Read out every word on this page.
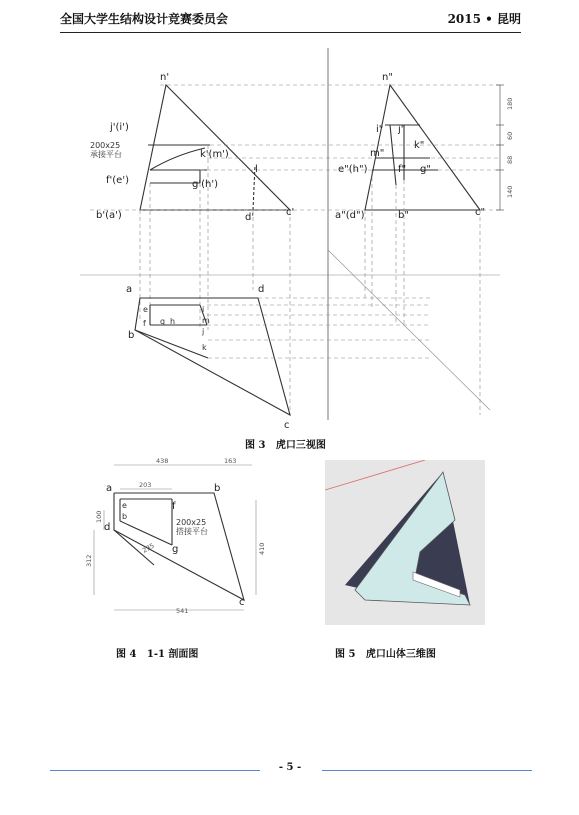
全国大学生结构设计竞赛委员会	2015 • 昆明
180
60
88
140
n'
j'(i')
k'(m')
f'(e')	g'(h')
l
b'(a')	d'	c'
200x25
承接平台
n"
i" j"
m"
k"
e"(h")	f" g"
a"(d")	b"	c"
a	d
b
e
f g h
i
m
k
j
c
图 3   虎口三视图
a	b
e
b
d
f
g
c
438	163
203
541
235
312
100
410
200x25
搭接平台
图 4   1-1 剖面图	图 5   虎口山体三维图
- 5 -
